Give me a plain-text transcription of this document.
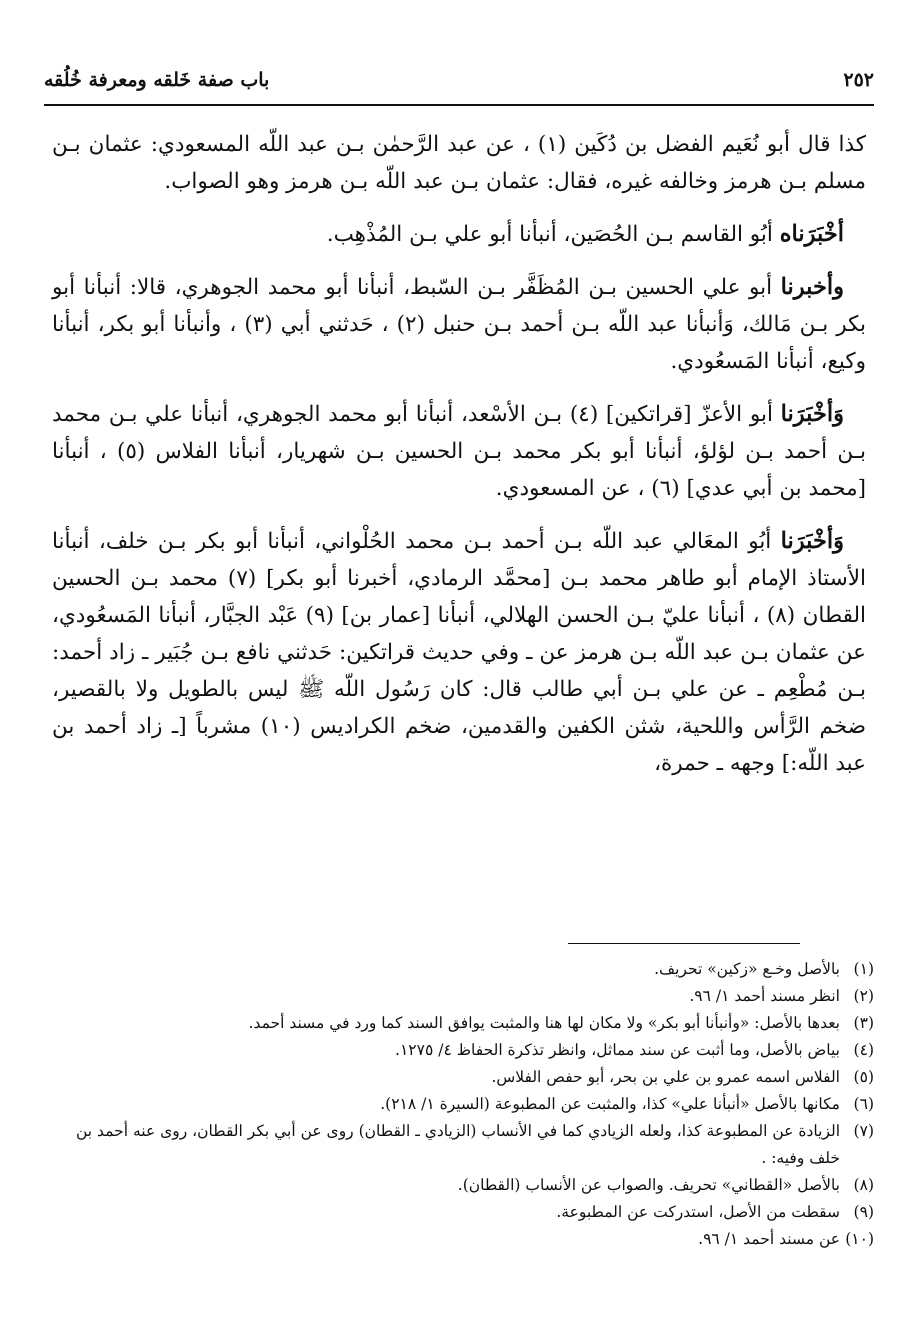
٢٥٢
باب صفة خَلقه ومعرفة خُلُقه

كذا قال أبو نُعَيم الفضل بن دُكَين (١) ، عن عبد الرَّحمٰن بـن عبد اللّه المسعودي: عثمان بـن مسلم بـن هرمز وخالفه غيره، فقال: عثمان بـن عبد اللّه بـن هرمز وهو الصواب.

أخْبَرَناه أبُو القاسم بـن الحُصَين، أنبأنا أبو علي بـن المُذْهِب.

وأخبرنا أبو علي الحسين بـن المُظَفَّر بـن السّبط، أنبأنا أبو محمد الجوهري، قالا: أنبأنا أبو بكر بـن مَالك، وَأنبأنا عبد اللّه بـن أحمد بـن حنبل (٢) ، حَدثني أبي (٣) ، وأنبأنا أبو بكر، أنبأنا وكيع، أنبأنا المَسعُودي.

وَأخْبَرَنا أبو الأعزّ [قراتكين] (٤) بـن الأسْعد، أنبأنا أبو محمد الجوهري، أنبأنا علي بـن محمد بـن أحمد بـن لؤلؤ، أنبأنا أبو بكر محمد بـن الحسين بـن شهريار، أنبأنا الفلاس (٥) ، أنبأنا [محمد بن أبي عدي] (٦) ، عن المسعودي.

وَأخْبَرَنا أبُو المعَالي عبد اللّه بـن أحمد بـن محمد الحُلْواني، أنبأنا أبو بكر بـن خلف، أنبأنا الأستاذ الإمام أبو طاهر محمد بـن [محمَّد الرمادي، أخبرنا أبو بكر] (٧) محمد بـن الحسين القطان (٨) ، أنبأنا عليّ بـن الحسن الهلالي، أنبأنا [عمار بن] (٩) عَبْد الجبَّار، أنبأنا المَسعُودي، عن عثمان بـن عبد اللّه بـن هرمز عن ـ وفي حديث قراتكين: حَدثني نافع بـن جُبَير ـ زاد أحمد: بـن مُطْعِم ـ عن علي بـن أبي طالب قال: كان رَسُول اللّه ﷺ ليس بالطويل ولا بالقصير، ضخم الرَّأس واللحية، شثن الكفين والقدمين، ضخم الكراديس (١٠) مشرباً [ـ زاد أحمد بن عبد اللّه:] وجهه ـ حمرة،

(١)
بالأصل وخـع «زكين» تحريف.
(٢)
انظر مسند أحمد ١/ ٩٦.
(٣)
بعدها بالأصل: «وأنبأنا أبو بكر» ولا مكان لها هنا والمثبت يوافق السند كما ورد في مسند أحمد.
(٤)
بياض بالأصل، وما أثبت عن سند مماثل، وانظر تذكرة الحفاظ ٤/ ١٢٧٥.
(٥)
الفلاس اسمه عمرو بن علي بن بحر، أبو حفص الفلاس.
(٦)
مكانها بالأصل «أنبأنا علي» كذا، والمثبت عن المطبوعة (السيرة ١/ ٢١٨).
(٧)
الزيادة عن المطبوعة كذا، ولعله الزيادي كما في الأنساب (الزيادي ـ القطان) روى عن أبي بكر القطان، روى عنه أحمد بن خلف وفيه: .
(٨)
بالأصل «القطاني» تحريف. والصواب عن الأنساب (القطان).
(٩)
سقطت من الأصل، استدركت عن المطبوعة.
(١٠)
عن مسند أحمد ١/ ٩٦.
